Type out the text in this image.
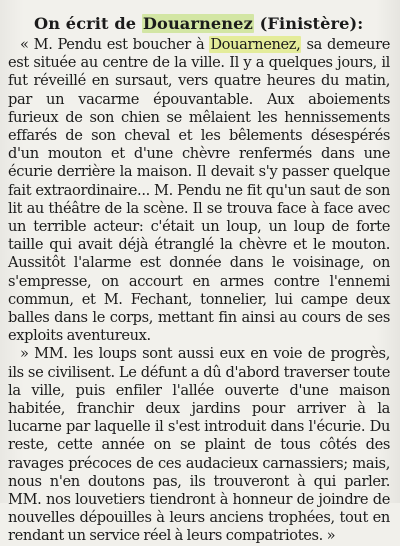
On écrit de Douarnenez (Finistère):

« M. Pendu est boucher à Douarnenez, sa demeure est située au centre de la ville. Il y a quelques jours, il fut réveillé en sursaut, vers quatre heures du matin, par un vacarme épouvantable. Aux aboiements furieux de son chien se mêlaient les hennissements effarés de son cheval et les bêlements désespérés d'un mouton et d'une chèvre renfermés dans une écurie derrière la maison. Il devait s'y passer quelque fait extraordinaire... M. Pendu ne fit qu'un saut de son lit au théâtre de la scène. Il se trouva face à face avec un terrible acteur: c'était un loup, un loup de forte taille qui avait déjà étranglé la chèvre et le mouton. Aussitôt l'alarme est donnée dans le voisinage, on s'empresse, on accourt en armes contre l'ennemi commun, et M. Fechant, tonnelier, lui campe deux balles dans le corps, mettant fin ainsi au cours de ses exploits aventureux.

» MM. les loups sont aussi eux en voie de progrès, ils se civilisent. Le défunt a dû d'abord traverser toute la ville, puis enfiler l'allée ouverte d'une maison habitée, franchir deux jardins pour arriver à la lucarne par laquelle il s'est introduit dans l'écurie. Du reste, cette année on se plaint de tous côtés des ravages précoces de ces audacieux carnassiers; mais, nous n'en doutons pas, ils trouveront à qui parler. MM. nos louvetiers tiendront à honneur de joindre de nouvelles dépouilles à leurs anciens trophées, tout en rendant un service réel à leurs compatriotes. »
